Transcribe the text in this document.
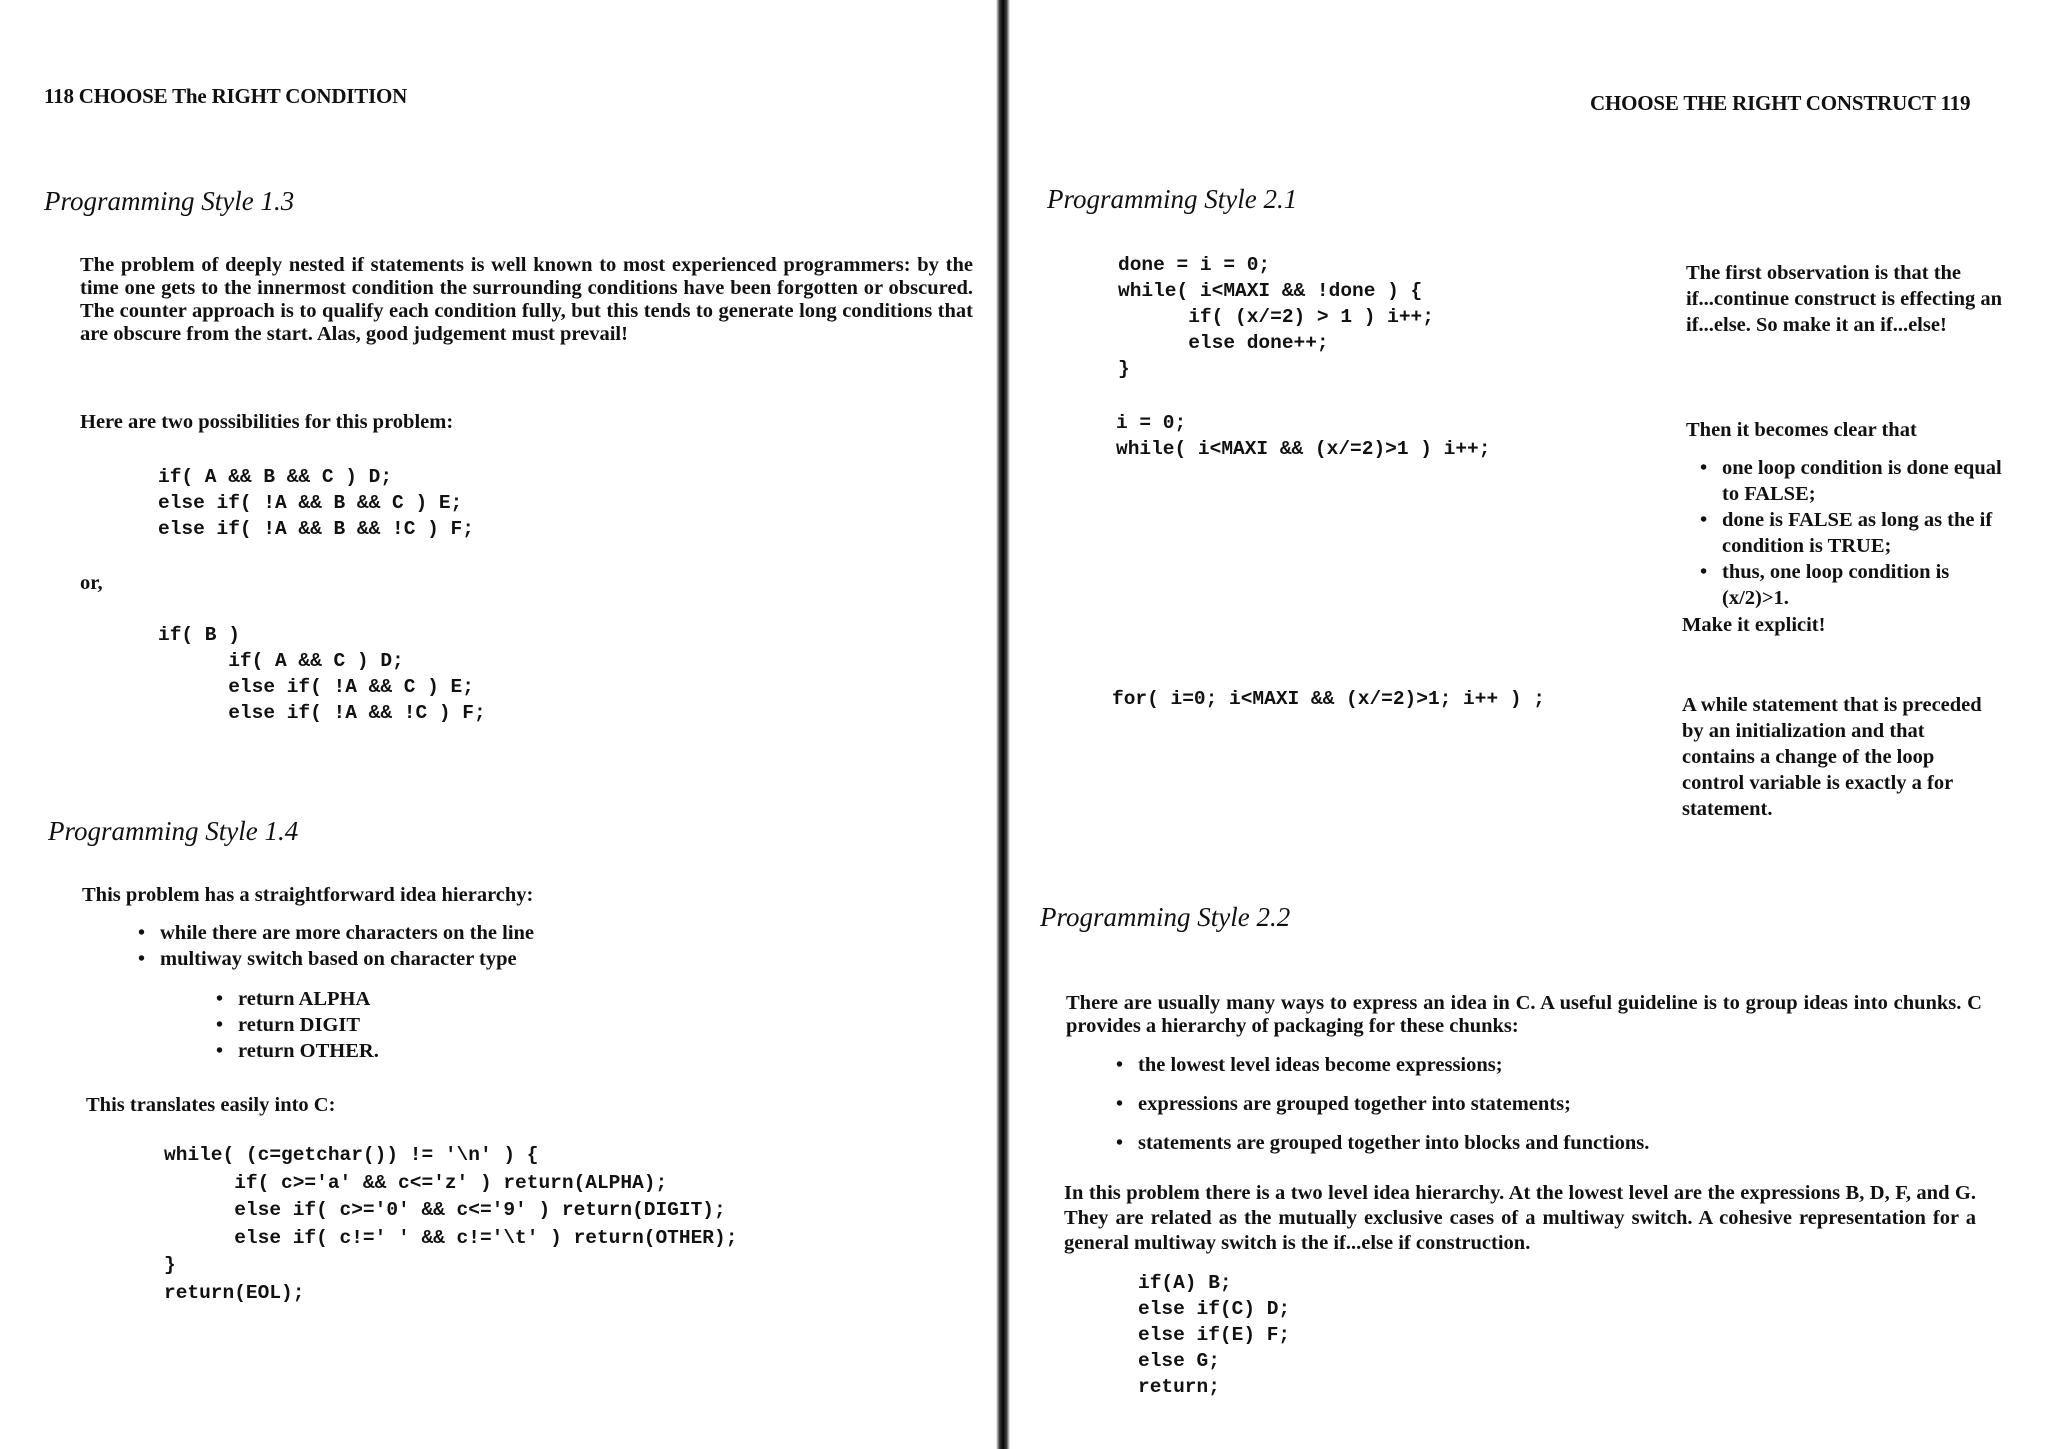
118 CHOOSE The RIGHT CONDITION
Programming Style 1.3

The problem of deeply nested if statements is well known to most experienced programmers: by the time one gets to the innermost condition the surrounding conditions have been forgotten or obscured. The counter approach is to qualify each condition fully, but this tends to generate long conditions that are obscure from the start. Alas, good judgement must prevail!

Here are two possibilities for this problem:
if( A && B && C ) D;
else if( !A && B && C ) E;
else if( !A && B && !C ) F;
or,
if( B )
if( A && C ) D;
else if( !A && C ) E;
else if( !A && !C ) F;
Programming Style 1.4
This problem has a straightforward idea hierarchy:
• while there are more characters on the line
• multiway switch based on character type
• return ALPHA
• return DIGIT
• return OTHER.
This translates easily into C:
while( (c=getchar()) != '\n' ) {
if( c>='a' && c<='z' ) return(ALPHA);
else if( c>='0' && c<='9' ) return(DIGIT);
else if( c!=' ' && c!='\t' ) return(OTHER);
}
return(EOL);
CHOOSE THE RIGHT CONSTRUCT 119
Programming Style 2.1
done = i = 0;
while( i<MAXI && !done ) {
if( (x/=2) > 1 ) i++;
else done++;
}

The first observation is that the if...continue construct is effecting an if...else. So make it an if...else!

i = 0;
while( i<MAXI && (x/=2)>1 ) i++;

Then it becomes clear that

• one loop condition is done equal to FALSE;
• done is FALSE as long as the if condition is TRUE;
• thus, one loop condition is (x/2)>1.

Make it explicit!

for( i=0; i<MAXI && (x/=2)>1; i++ ) ;	A while statement that is preceded by an initialization and that contains a change of the loop control variable is exactly a for statement.

Programming Style 2.2

There are usually many ways to express an idea in C. A useful guideline is to group ideas into chunks. C provides a hierarchy of packaging for these chunks:

• the lowest level ideas become expressions;
• expressions are grouped together into statements;
• statements are grouped together into blocks and functions.

In this problem there is a two level idea hierarchy. At the lowest level are the expressions B, D, F, and G. They are related as the mutually exclusive cases of a multiway switch. A cohesive representation for a general multiway switch is the if...else if construction.

if(A) B;
else if(C) D;
else if(E) F;
else G;
return;
